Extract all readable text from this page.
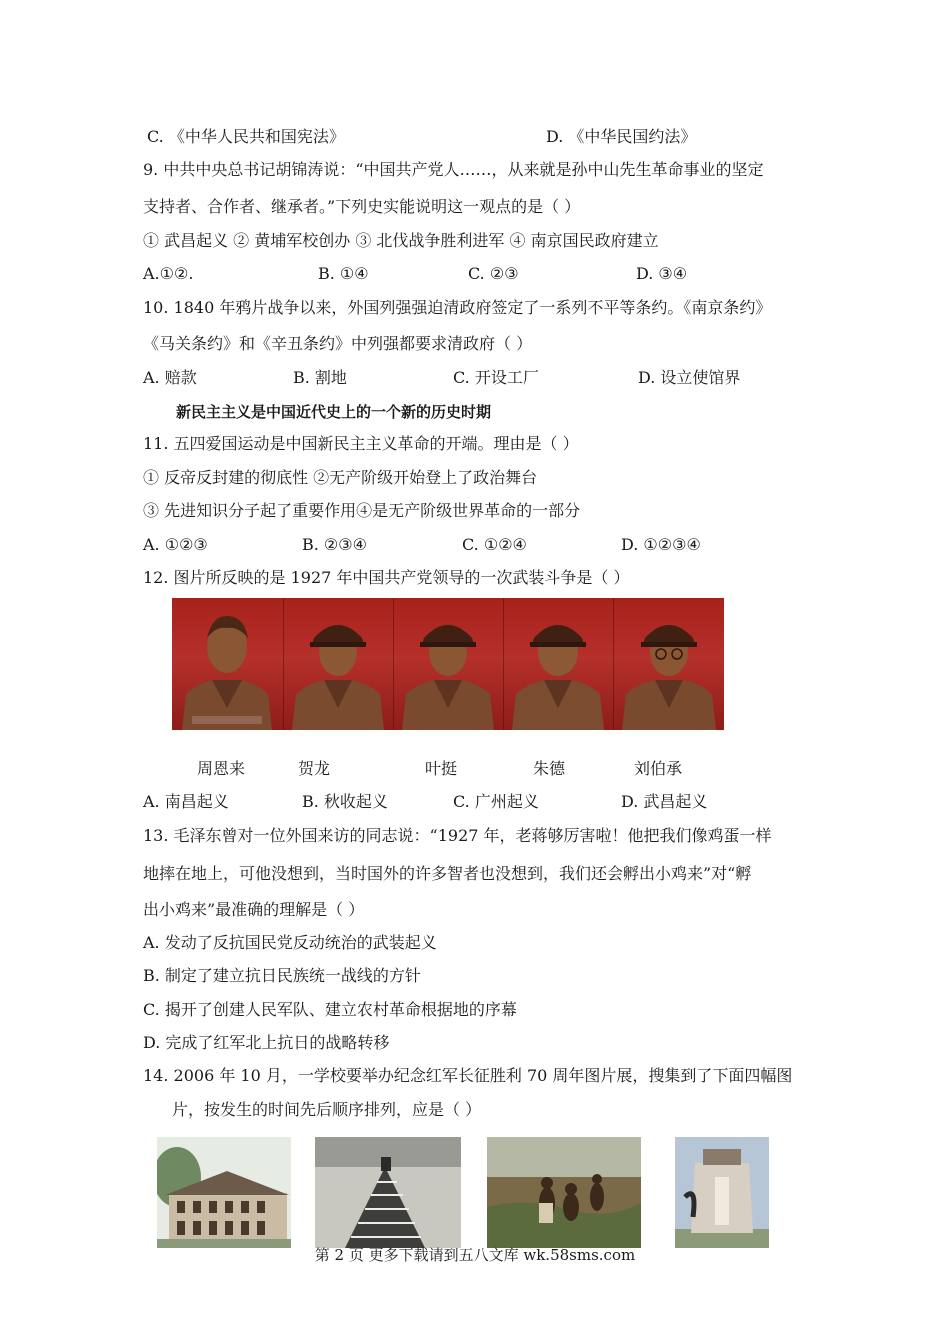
C. 《中华人民共和国宪法》	D. 《中华民国约法》
9. 中共中央总书记胡锦涛说：“中国共产党人……，从来就是孙中山先生革命事业的坚定
支持者、合作者、继承者。”下列史实能说明这一观点的是（ ）
① 武昌起义 ② 黄埔军校创办 ③ 北伐战争胜利进军 ④ 南京国民政府建立
A.①②.	B. ①④	C. ②③	D. ③④
10. 1840 年鸦片战争以来，外国列强强迫清政府签定了一系列不平等条约。《南京条约》
《马关条约》和《辛丑条约》中列强都要求清政府（ ）
A. 赔款	B. 割地	C. 开设工厂	D. 设立使馆界
新民主主义是中国近代史上的一个新的历史时期
11. 五四爱国运动是中国新民主主义革命的开端。理由是（ ）
① 反帝反封建的彻底性 ②无产阶级开始登上了政治舞台
③ 先进知识分子起了重要作用④是无产阶级世界革命的一部分
A. ①②③	B. ②③④	C. ①②④	D. ①②③④
12. 图片所反映的是 1927 年中国共产党领导的一次武装斗争是（ ）
周恩来	贺龙	叶挺	朱德	刘伯承
A. 南昌起义	B. 秋收起义	C. 广州起义	D. 武昌起义
13. 毛泽东曾对一位外国来访的同志说：“1927 年，老蒋够厉害啦！他把我们像鸡蛋一样
地摔在地上，可他没想到，当时国外的许多智者也没想到，我们还会孵出小鸡来”对“孵
出小鸡来”最准确的理解是（ ）
A. 发动了反抗国民党反动统治的武装起义
B. 制定了建立抗日民族统一战线的方针
C. 揭开了创建人民军队、建立农村革命根据地的序幕
D. 完成了红军北上抗日的战略转移
14. 2006 年 10 月，一学校要举办纪念红军长征胜利 70 周年图片展，搜集到了下面四幅图
片，按发生的时间先后顺序排列，应是（ ）
第 2 页 更多下载请到五八文库 wk.58sms.com
